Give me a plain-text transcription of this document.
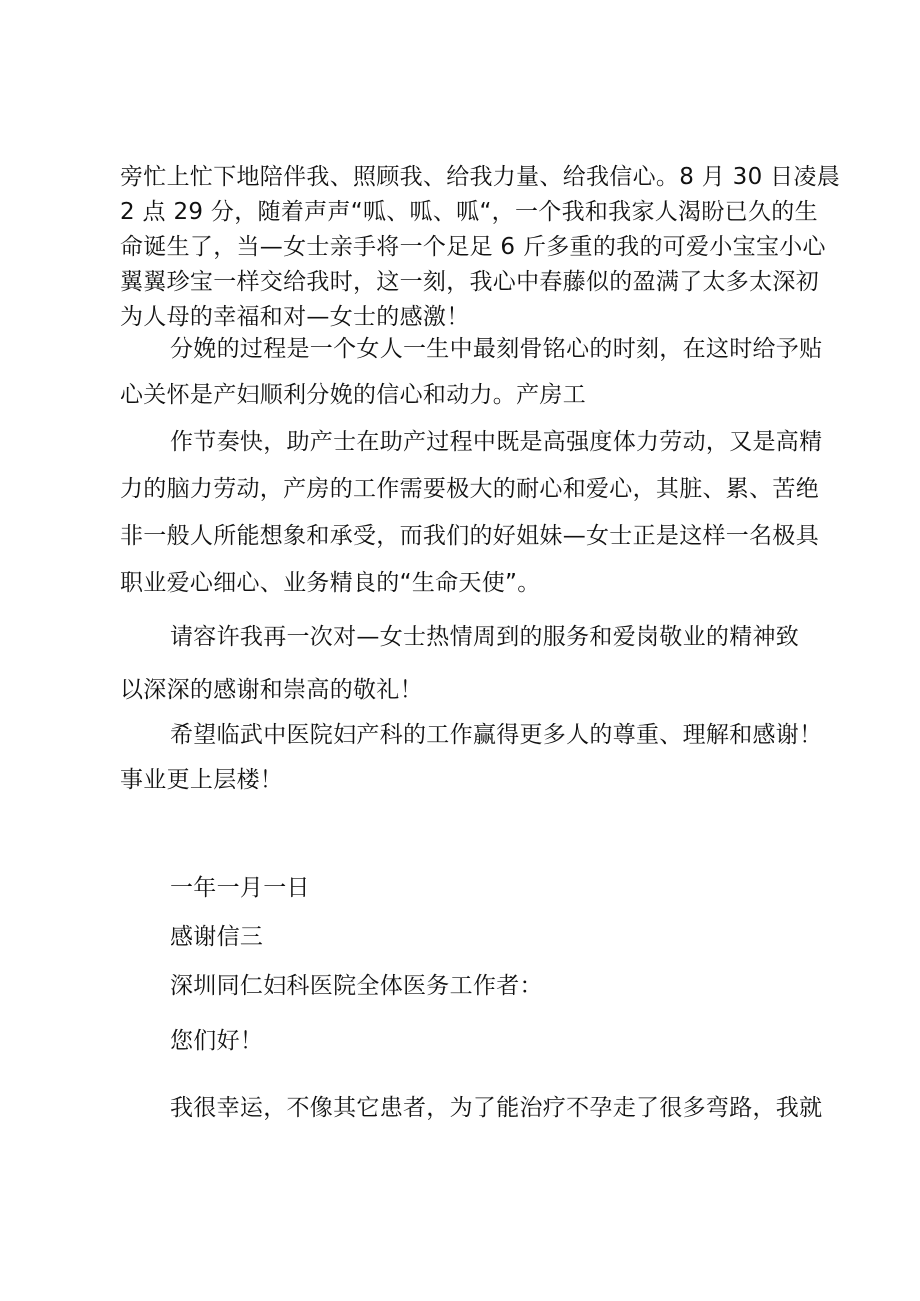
旁忙上忙下地陪伴我、照顾我、给我力量、给我信心。8 月 30 日凌晨
2 点 29 分，随着声声“呱、呱、呱“，一个我和我家人渴盼已久的生
命诞生了，当—女士亲手将一个足足 6 斤多重的我的可爱小宝宝小心
翼翼珍宝一样交给我时，这一刻，我心中春藤似的盈满了太多太深初
为人母的幸福和对—女士的感激！
分娩的过程是一个女人一生中最刻骨铭心的时刻，在这时给予贴
心关怀是产妇顺利分娩的信心和动力。产房工
作节奏快，助产士在助产过程中既是高强度体力劳动，又是高精
力的脑力劳动，产房的工作需要极大的耐心和爱心，其脏、累、苦绝
非一般人所能想象和承受，而我们的好姐妹—女士正是这样一名极具
职业爱心细心、业务精良的“生命天使”。
请容许我再一次对—女士热情周到的服务和爱岗敬业的精神致
以深深的感谢和崇高的敬礼！
希望临武中医院妇产科的工作赢得更多人的尊重、理解和感谢！
事业更上层楼！
一年一月一日
感谢信三
深圳同仁妇科医院全体医务工作者：
您们好！
我很幸运，不像其它患者，为了能治疗不孕走了很多弯路，我就
